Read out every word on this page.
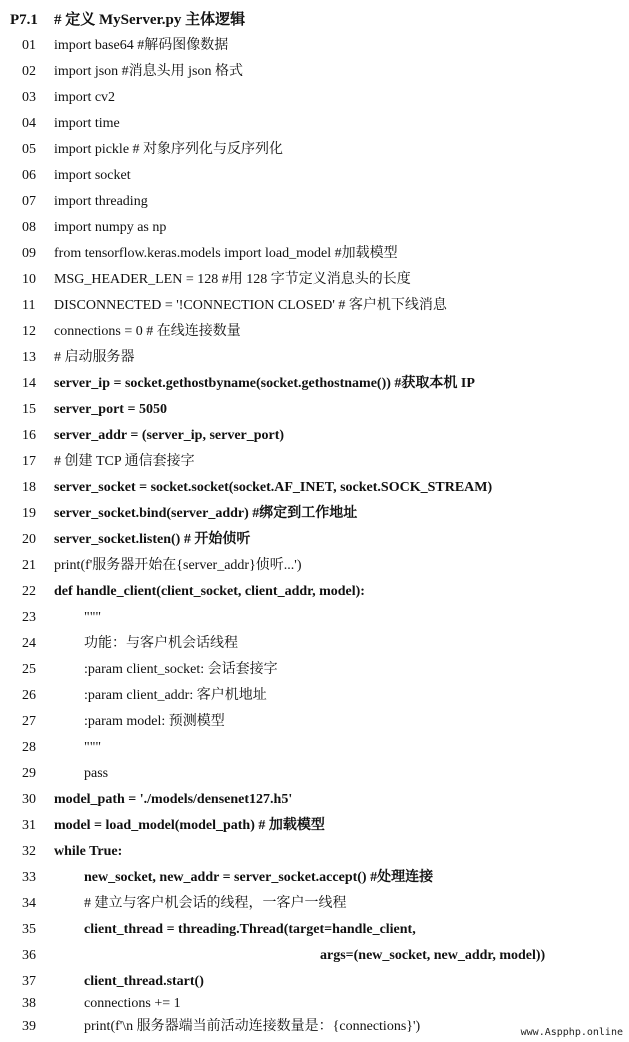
P7.1 # 定义 MyServer.py 主体逻辑
01	import base64 #解码图像数据
02	import json #消息头用 json 格式
03	import cv2
04	import time
05	import pickle # 对象序列化与反序列化
06	import socket
07	import threading
08	import numpy as np
09	from tensorflow.keras.models import load_model #加载模型
10	MSG_HEADER_LEN = 128 #用 128 字节定义消息头的长度
11	DISCONNECTED = '!CONNECTION CLOSED' # 客户机下线消息
12	connections = 0 # 在线连接数量
13	# 启动服务器
14	server_ip = socket.gethostbyname(socket.gethostname()) #获取本机 IP
15	server_port = 5050
16	server_addr = (server_ip, server_port)
17	# 创建 TCP 通信套接字
18	server_socket = socket.socket(socket.AF_INET, socket.SOCK_STREAM)
19	server_socket.bind(server_addr) #绑定到工作地址
20	server_socket.listen() # 开始侦听
21	print(f'服务器开始在{server_addr}侦听...')
22	def handle_client(client_socket, client_addr, model):
23	"""
24	功能：与客户机会话线程
25	:param client_socket: 会话套接字
26	:param client_addr: 客户机地址
27	:param model: 预测模型
28	"""
29	pass
30	model_path = './models/densenet127.h5'
31	model = load_model(model_path) # 加载模型
32	while True:
33	new_socket, new_addr = server_socket.accept() #处理连接
34	# 建立与客户机会话的线程，一客户一线程
35	client_thread = threading.Thread(target=handle_client,
36	args=(new_socket, new_addr, model))
37	client_thread.start()
38	connections += 1
39	print(f'\n 服务器端当前活动连接数量是：{connections}')	www.Aspphp.online
